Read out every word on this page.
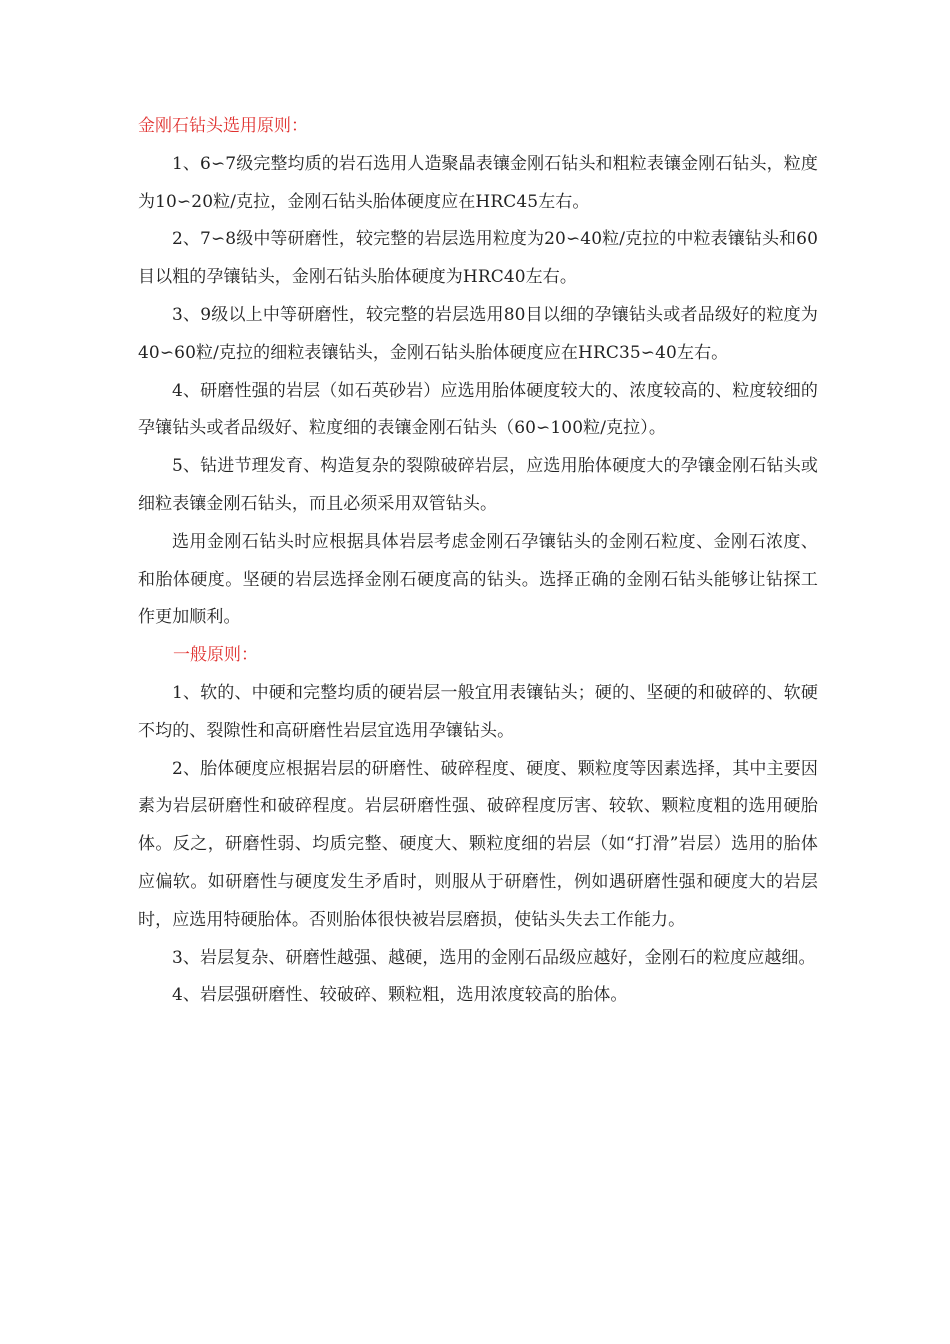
金刚石钻头选用原则：

1、6∽7级完整均质的岩石选用人造聚晶表镶金刚石钻头和粗粒表镶金刚石钻头，粒度为10∽20粒/克拉，金刚石钻头胎体硬度应在HRC45左右。

2、7∽8级中等研磨性，较完整的岩层选用粒度为20∽40粒/克拉的中粒表镶钻头和60目以粗的孕镶钻头，金刚石钻头胎体硬度为HRC40左右。

3、9级以上中等研磨性，较完整的岩层选用80目以细的孕镶钻头或者品级好的粒度为40∽60粒/克拉的细粒表镶钻头，金刚石钻头胎体硬度应在HRC35∽40左右。

4、研磨性强的岩层（如石英砂岩）应选用胎体硬度较大的、浓度较高的、粒度较细的孕镶钻头或者品级好、粒度细的表镶金刚石钻头（60∽100粒/克拉）。

5、钻进节理发育、构造复杂的裂隙破碎岩层，应选用胎体硬度大的孕镶金刚石钻头或细粒表镶金刚石钻头，而且必须采用双管钻头。

选用金刚石钻头时应根据具体岩层考虑金刚石孕镶钻头的金刚石粒度、金刚石浓度、和胎体硬度。坚硬的岩层选择金刚石硬度高的钻头。选择正确的金刚石钻头能够让钻探工作更加顺利。

一般原则：

1、软的、中硬和完整均质的硬岩层一般宜用表镶钻头；硬的、坚硬的和破碎的、软硬不均的、裂隙性和高研磨性岩层宜选用孕镶钻头。

2、胎体硬度应根据岩层的研磨性、破碎程度、硬度、颗粒度等因素选择，其中主要因素为岩层研磨性和破碎程度。岩层研磨性强、破碎程度厉害、较软、颗粒度粗的选用硬胎体。反之，研磨性弱、均质完整、硬度大、颗粒度细的岩层（如“打滑”岩层）选用的胎体应偏软。如研磨性与硬度发生矛盾时，则服从于研磨性，例如遇研磨性强和硬度大的岩层时，应选用特硬胎体。否则胎体很快被岩层磨损，使钻头失去工作能力。

3、岩层复杂、研磨性越强、越硬，选用的金刚石品级应越好，金刚石的粒度应越细。

4、岩层强研磨性、较破碎、颗粒粗，选用浓度较高的胎体。
